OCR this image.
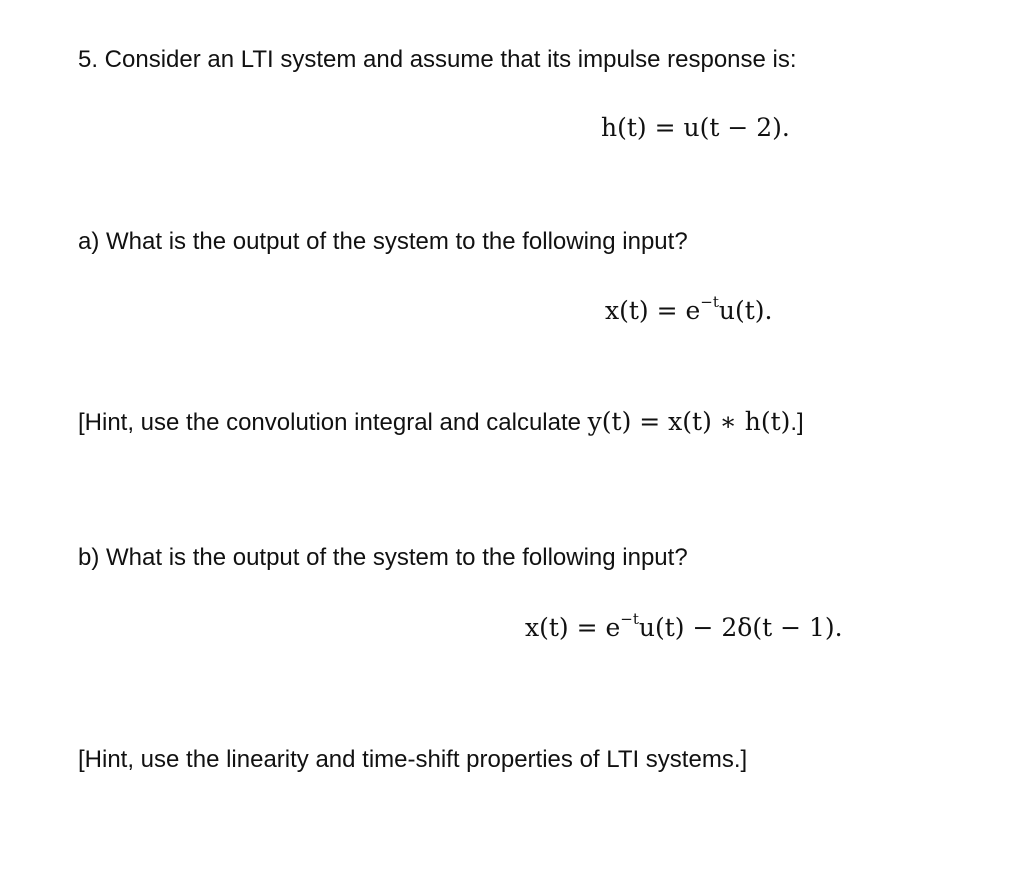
5. Consider an LTI system and assume that its impulse response is:
h(t) = u(t − 2).
a) What is the output of the system to the following input?
$x(t) = e^{-t}u(t)$.
[Hint, use the convolution integral and calculate y(t) = x(t) ∗ h(t).]
b) What is the output of the system to the following input?
$x(t) = e^{-t}u(t) - 2\delta(t - 1)$.
[Hint, use the linearity and time-shift properties of LTI systems.]
